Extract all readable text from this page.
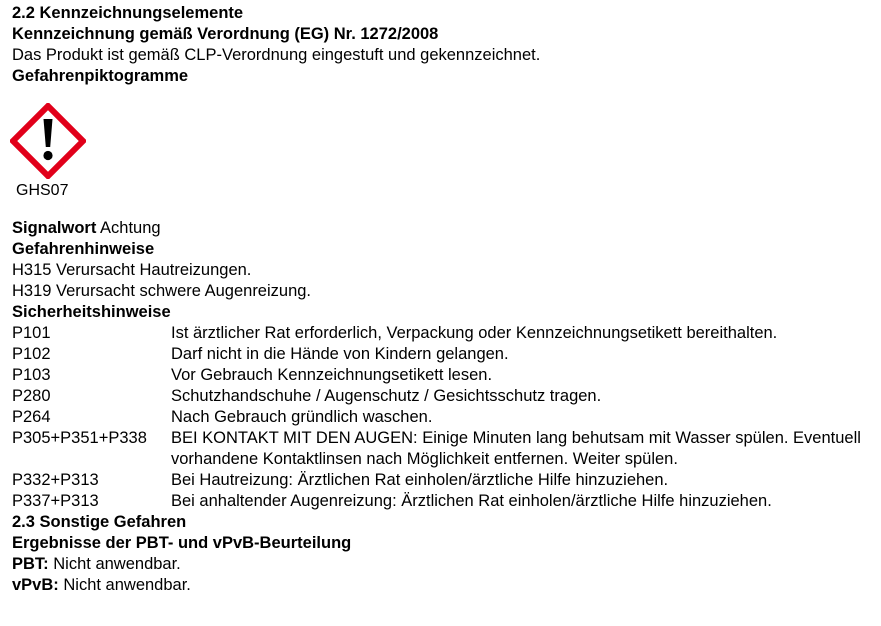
2.2 Kennzeichnungselemente
Kennzeichnung gemäß Verordnung (EG) Nr. 1272/2008
Das Produkt ist gemäß CLP-Verordnung eingestuft und gekennzeichnet.
Gefahrenpiktogramme
GHS07
Signalwort Achtung
Gefahrenhinweise
H315 Verursacht Hautreizungen.
H319 Verursacht schwere Augenreizung.
Sicherheitshinweise
P101	Ist ärztlicher Rat erforderlich, Verpackung oder Kennzeichnungsetikett bereithalten.
P102	Darf nicht in die Hände von Kindern gelangen.
P103	Vor Gebrauch Kennzeichnungsetikett lesen.
P280	Schutzhandschuhe / Augenschutz / Gesichtsschutz tragen.
P264	Nach Gebrauch gründlich waschen.
P305+P351+P338	BEI KONTAKT MIT DEN AUGEN: Einige Minuten lang behutsam mit Wasser spülen. Eventuell vorhandene Kontaktlinsen nach Möglichkeit entfernen. Weiter spülen.
P332+P313	Bei Hautreizung: Ärztlichen Rat einholen/ärztliche Hilfe hinzuziehen.
P337+P313	Bei anhaltender Augenreizung: Ärztlichen Rat einholen/ärztliche Hilfe hinzuziehen.
2.3 Sonstige Gefahren
Ergebnisse der PBT- und vPvB-Beurteilung
PBT: Nicht anwendbar.
vPvB: Nicht anwendbar.
